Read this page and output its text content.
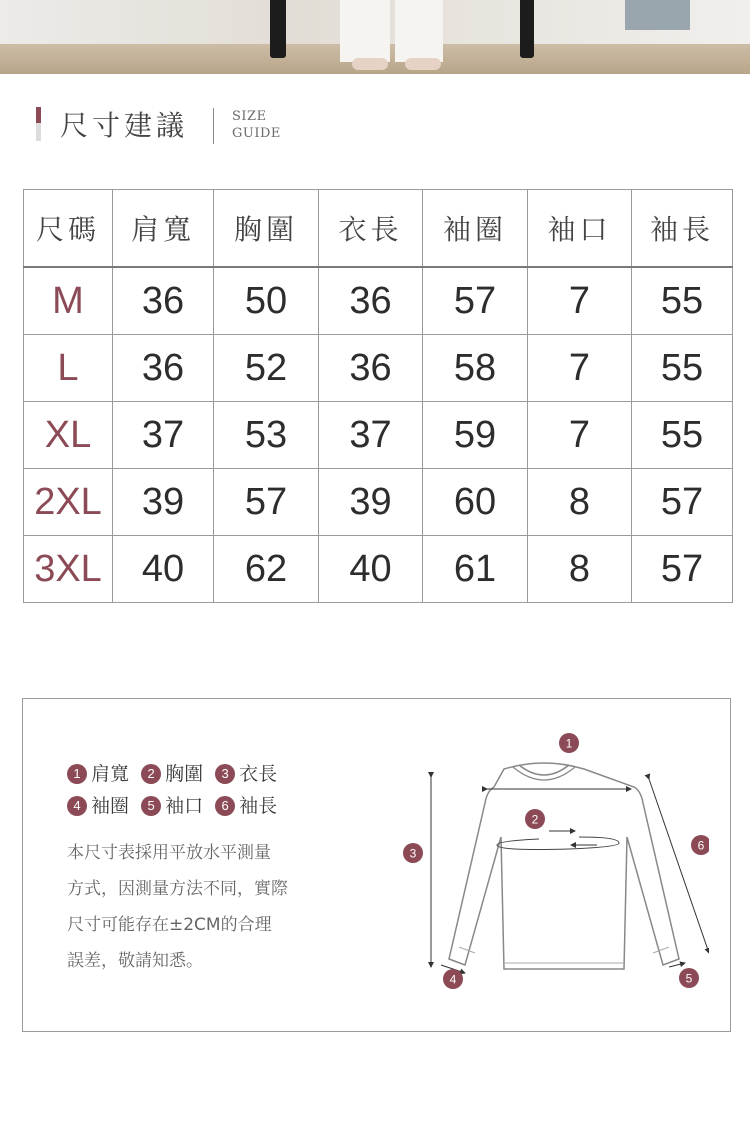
尺寸建議	SIZE
GUIDE
尺碼	肩寬	胸圍	衣長	袖圈	袖口	袖長
M	36	50	36	57	7	55
L	36	52	36	58	7	55
XL	37	53	37	59	7	55
2XL	39	57	39	60	8	57
3XL	40	62	40	61	8	57
1 肩寬 2 胸圍 3 衣長
4 袖圈 5 袖口 6 袖長
本尺寸表採用平放水平測量
方式，因測量方法不同，實際
尺寸可能存在±2CM的合理
誤差，敬請知悉。
1
2
3
4	5
6
